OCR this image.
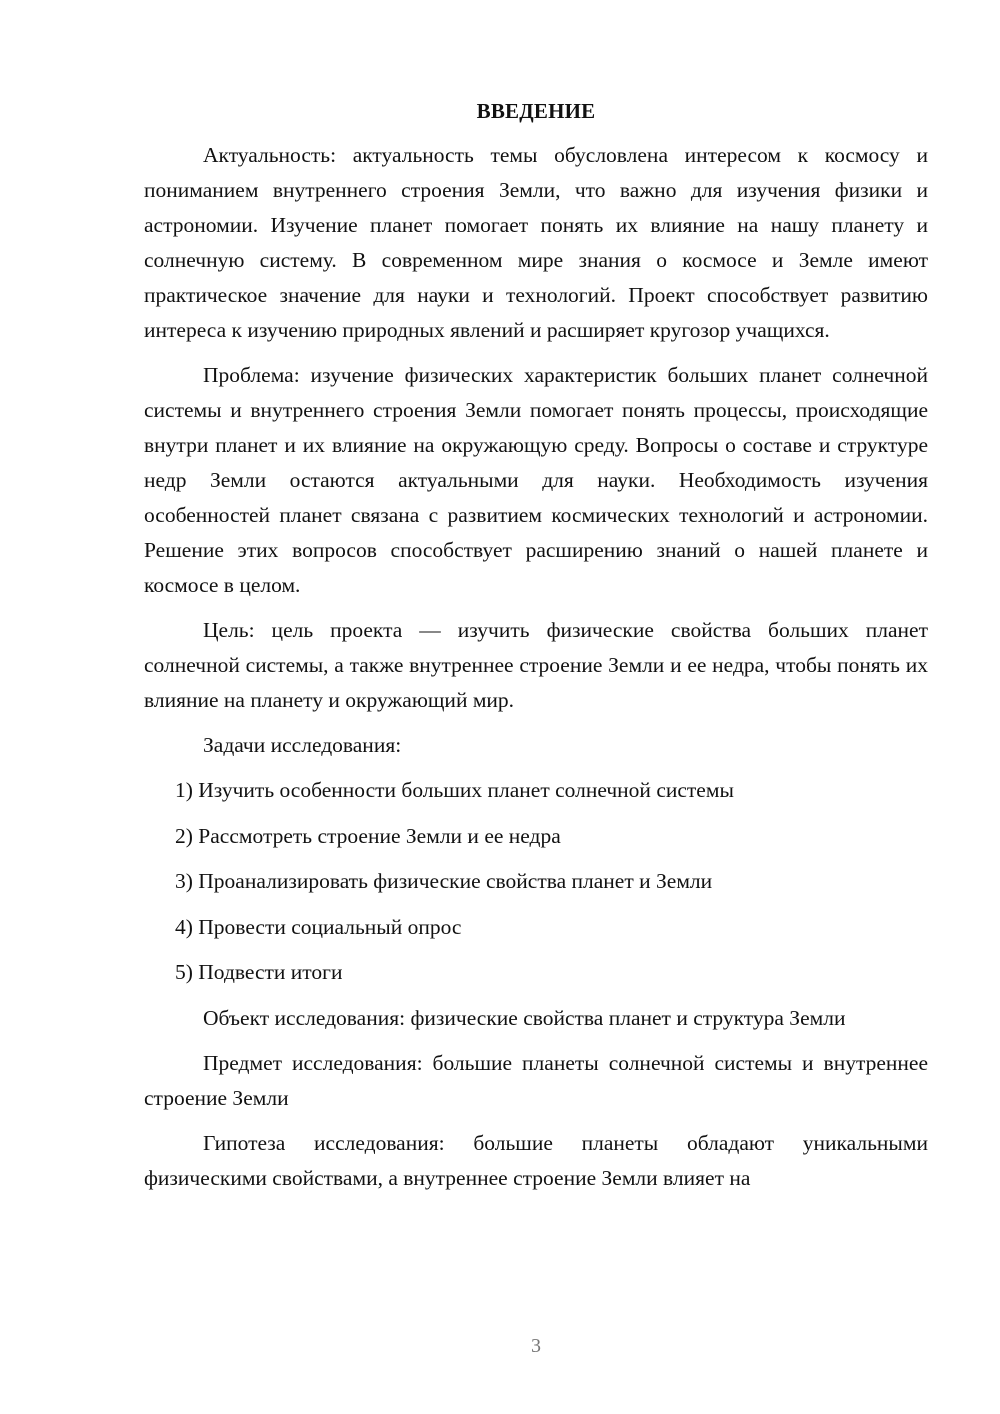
ВВЕДЕНИЕ

Актуальность: актуальность темы обусловлена интересом к космосу и пониманием внутреннего строения Земли, что важно для изучения физики и астрономии. Изучение планет помогает понять их влияние на нашу планету и солнечную систему. В современном мире знания о космосе и Земле имеют практическое значение для науки и технологий. Проект способствует развитию интереса к изучению природных явлений и расширяет кругозор учащихся.

Проблема: изучение физических характеристик больших планет солнечной системы и внутреннего строения Земли помогает понять процессы, происходящие внутри планет и их влияние на окружающую среду. Вопросы о составе и структуре недр Земли остаются актуальными для науки. Необходимость изучения особенностей планет связана с развитием космических технологий и астрономии. Решение этих вопросов способствует расширению знаний о нашей планете и космосе в целом.

Цель: цель проекта — изучить физические свойства больших планет солнечной системы, а также внутреннее строение Земли и ее недра, чтобы понять их влияние на планету и окружающий мир.

Задачи исследования:

1) Изучить особенности больших планет солнечной системы
2) Рассмотреть строение Земли и ее недра
3) Проанализировать физические свойства планет и Земли
4) Провести социальный опрос
5) Подвести итоги

Объект исследования: физические свойства планет и структура Земли

Предмет исследования: большие планеты солнечной системы и внутреннее строение Земли

Гипотеза исследования: большие планеты обладают уникальными физическими свойствами, а внутреннее строение Земли влияет на

3
